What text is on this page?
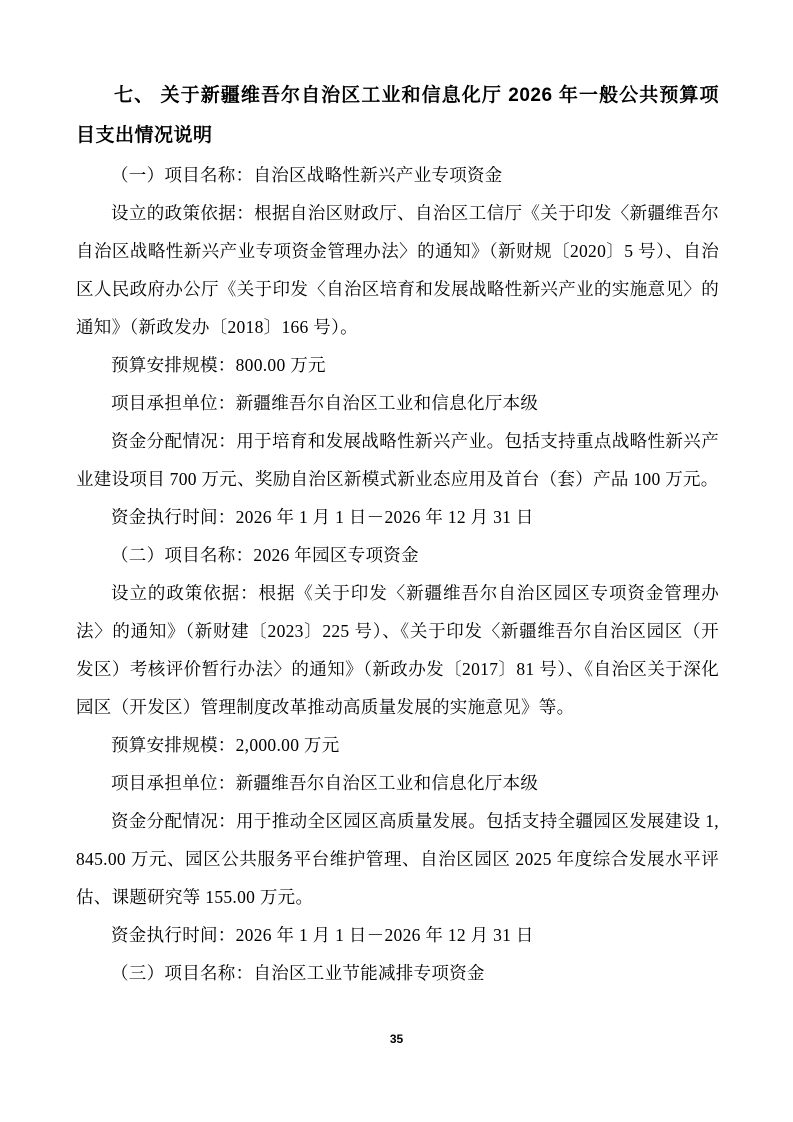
七、 关于新疆维吾尔自治区工业和信息化厅 2026 年一般公共预算项目支出情况说明

（一）项目名称：自治区战略性新兴产业专项资金

设立的政策依据：根据自治区财政厅、自治区工信厅《关于印发〈新疆维吾尔自治区战略性新兴产业专项资金管理办法〉的通知》（新财规〔2020〕5 号）、自治区人民政府办公厅《关于印发〈自治区培育和发展战略性新兴产业的实施意见〉的通知》（新政发办〔2018〕166 号）。

预算安排规模：800.00 万元

项目承担单位：新疆维吾尔自治区工业和信息化厅本级

资金分配情况：用于培育和发展战略性新兴产业。包括支持重点战略性新兴产业建设项目 700 万元、奖励自治区新模式新业态应用及首台（套）产品 100 万元。

资金执行时间：2026 年 1 月 1 日－2026 年 12 月 31 日

（二）项目名称：2026 年园区专项资金

设立的政策依据：根据《关于印发〈新疆维吾尔自治区园区专项资金管理办法〉的通知》（新财建〔2023〕225 号）、《关于印发〈新疆维吾尔自治区园区（开发区）考核评价暂行办法〉的通知》（新政办发〔2017〕81 号）、《自治区关于深化园区（开发区）管理制度改革推动高质量发展的实施意见》等。

预算安排规模：2,000.00 万元

项目承担单位：新疆维吾尔自治区工业和信息化厅本级

资金分配情况：用于推动全区园区高质量发展。包括支持全疆园区发展建设 1,845.00 万元、园区公共服务平台维护管理、自治区园区 2025 年度综合发展水平评估、课题研究等 155.00 万元。

资金执行时间：2026 年 1 月 1 日－2026 年 12 月 31 日

（三）项目名称：自治区工业节能减排专项资金

35
